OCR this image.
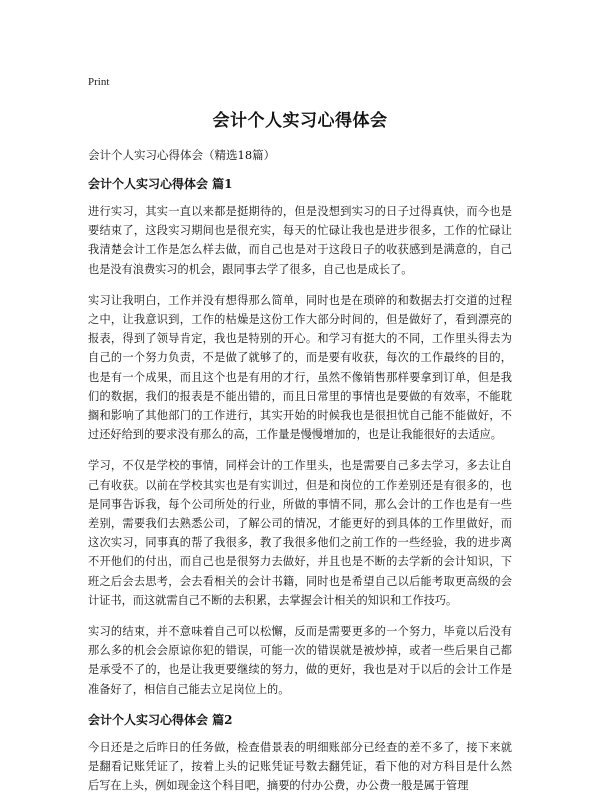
Print
会计个人实习心得体会

会计个人实习心得体会（精选18篇）

会计个人实习心得体会 篇1

进行实习，其实一直以来都是挺期待的，但是没想到实习的日子过得真快，而今也是要结束了，这段实习期间也是很充实，每天的忙碌让我也是进步很多，工作的忙碌让我清楚会计工作是怎么样去做，而自己也是对于这段日子的收获感到是满意的，自己也是没有浪费实习的机会，跟同事去学了很多，自己也是成长了。

实习让我明白，工作并没有想得那么简单，同时也是在琐碎的和数据去打交道的过程之中，让我意识到，工作的枯燥是这份工作大部分时间的，但是做好了，看到漂亮的报表，得到了领导肯定，我也是特别的开心。和学习有挺大的不同，工作里头得去为自己的一个努力负责，不是做了就够了的，而是要有收获，每次的工作最终的目的，也是有一个成果，而且这个也是有用的才行，虽然不像销售那样要拿到订单，但是我们的数据，我们的报表是不能出错的，而且日常里的事情也是要做的有效率，不能耽搁和影响了其他部门的工作进行，其实开始的时候我也是很担忧自己能不能做好，不过还好给到的要求没有那么的高，工作量是慢慢增加的，也是让我能很好的去适应。

学习，不仅是学校的事情，同样会计的工作里头，也是需要自己多去学习，多去让自己有收获。以前在学校其实也是有实训过，但是和岗位的工作差别还是有很多的，也是同事告诉我，每个公司所处的行业，所做的事情不同，那么会计的工作也是有一些差别，需要我们去熟悉公司，了解公司的情况，才能更好的到具体的工作里做好，而这次实习，同事真的帮了我很多，教了我很多他们之前工作的一些经验，我的进步离不开他们的付出，而自己也是很努力去做好，并且也是不断的去学新的会计知识，下班之后会去思考，会去看相关的会计书籍，同时也是希望自己以后能考取更高级的会计证书，而这就需自己不断的去积累，去掌握会计相关的知识和工作技巧。

实习的结束，并不意味着自己可以松懈，反而是需要更多的一个努力，毕竟以后没有那么多的机会会原谅你犯的错误，可能一次的错误就是被炒掉，或者一些后果自己都是承受不了的，也是让我更要继续的努力，做的更好，我也是对于以后的会计工作是准备好了，相信自己能去立足岗位上的。

会计个人实习心得体会 篇2

今日还是之后昨日的任务做，检查借景表的明细账部分已经查的差不多了，接下来就是翻看记账凭证了，按着上头的记账凭证号数去翻凭证，看下他的对方科目是什么然后写在上头，例如现金这个科目吧，摘要的付办公费，办公费一般是属于管理
